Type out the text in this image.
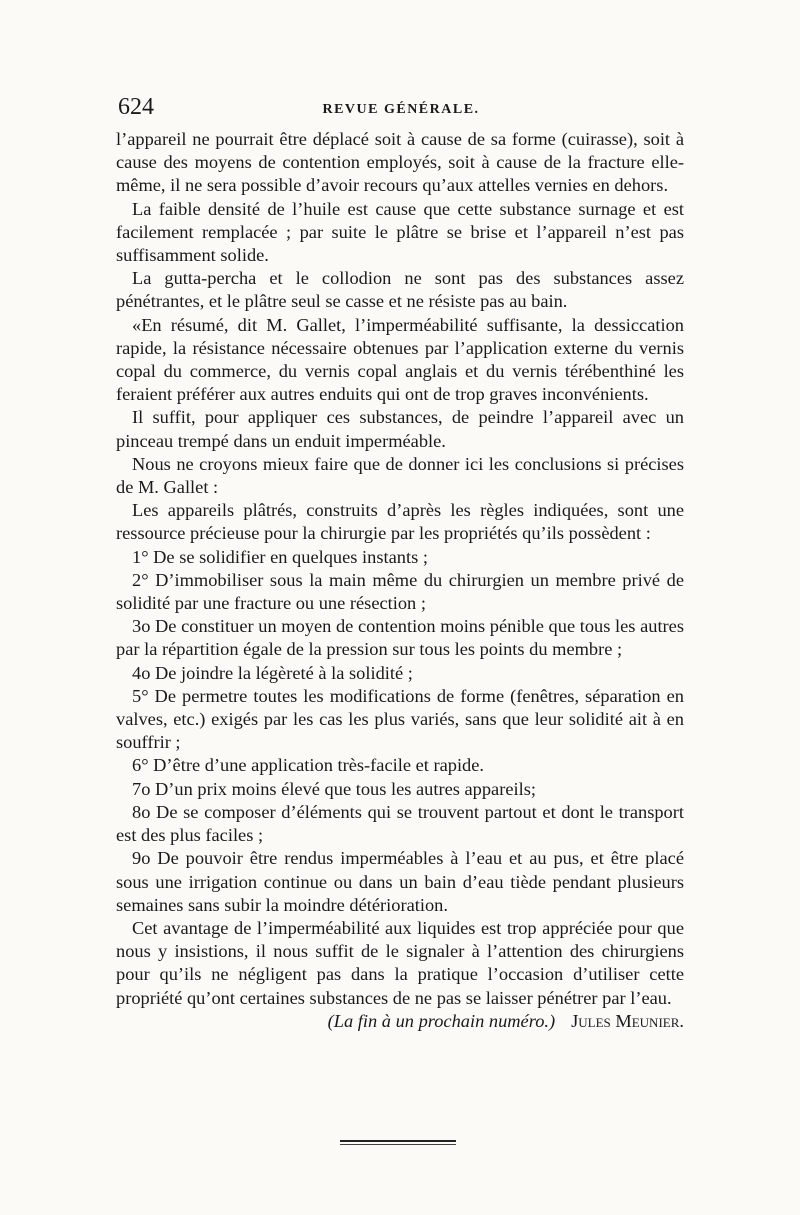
624	REVUE GÉNÉRALE.

l’appareil ne pourrait être déplacé soit à cause de sa forme (cuirasse), soit à cause des moyens de contention employés, soit à cause de la fracture elle-même, il ne sera possible d’avoir recours qu’aux attelles vernies en dehors.

La faible densité de l’huile est cause que cette substance surnage et est facilement remplacée ; par suite le plâtre se brise et l’appareil n’est pas suffisamment solide.

La gutta-percha et le collodion ne sont pas des substances assez pénétrantes, et le plâtre seul se casse et ne résiste pas au bain.

«En résumé, dit M. Gallet, l’imperméabilité suffisante, la dessiccation rapide, la résistance nécessaire obtenues par l’application externe du vernis copal du commerce, du vernis copal anglais et du vernis térébenthiné les feraient préférer aux autres enduits qui ont de trop graves inconvénients.

Il suffit, pour appliquer ces substances, de peindre l’appareil avec un pinceau trempé dans un enduit imperméable.

Nous ne croyons mieux faire que de donner ici les conclusions si précises de M. Gallet :

Les appareils plâtrés, construits d’après les règles indiquées, sont une ressource précieuse pour la chirurgie par les propriétés qu’ils possèdent :

1° De se solidifier en quelques instants ;

2° D’immobiliser sous la main même du chirurgien un membre privé de solidité par une fracture ou une résection ;

3o De constituer un moyen de contention moins pénible que tous les autres par la répartition égale de la pression sur tous les points du membre ;

4o De joindre la légèreté à la solidité ;

5° De permetre toutes les modifications de forme (fenêtres, séparation en valves, etc.) exigés par les cas les plus variés, sans que leur solidité ait à en souffrir ;

6° D’être d’une application très-facile et rapide.

7o D’un prix moins élevé que tous les autres appareils;

8o De se composer d’éléments qui se trouvent partout et dont le transport est des plus faciles ;

9o De pouvoir être rendus imperméables à l’eau et au pus, et être placé sous une irrigation continue ou dans un bain d’eau tiède pendant plusieurs semaines sans subir la moindre détérioration.

Cet avantage de l’imperméabilité aux liquides est trop appréciée pour que nous y insistions, il nous suffit de le signaler à l’attention des chirurgiens pour qu’ils ne négligent pas dans la pratique l’occasion d’utiliser cette propriété qu’ont certaines substances de ne pas se laisser pénétrer par l’eau.
Jules Meunier.

(La fin à un prochain numéro.)
